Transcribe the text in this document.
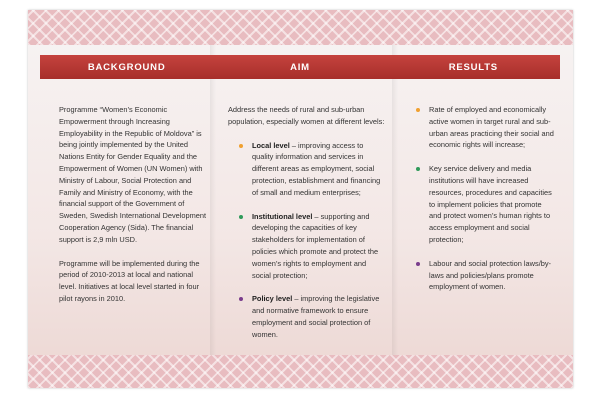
BACKGROUND	AIM	RESULTS

Programme “Women’s Economic Empowerment through Increasing Employability in the Republic of Moldova” is being jointly implemented by the United Nations Entity for Gender Equality and the Empowerment of Women (UN Women) with Ministry of Labour, Social Protection and Family and Ministry of Economy, with the financial support of the Government of Sweden, Swedish International Development Cooperation Agency (Sida). The financial support is 2,9 mln USD.

Programme will be implemented during the period of 2010-2013 at local and national level. Initiatives at local level started in four pilot rayons in 2010.

Address the needs of rural and sub-urban population, especially women at different levels:

Local level – improving access to quality information and services in different areas as employment, social protection, establishment and financing of small and medium enterprises;
Institutional level – supporting and developing the capacities of key stakeholders for implementation of policies which promote and protect the women’s rights to employment and social protection;
Policy level – improving the legislative and normative framework to ensure employment and social protection of women.
Rate of employed and economically active women in target rural and sub-urban areas practicing their social and economic rights will increase;
Key service delivery and media institutions will have increased resources, procedures and capacities to implement policies that promote and protect women’s human rights to access employment and social protection;
Labour and social protection laws/by-laws and policies/plans promote employment of women.
